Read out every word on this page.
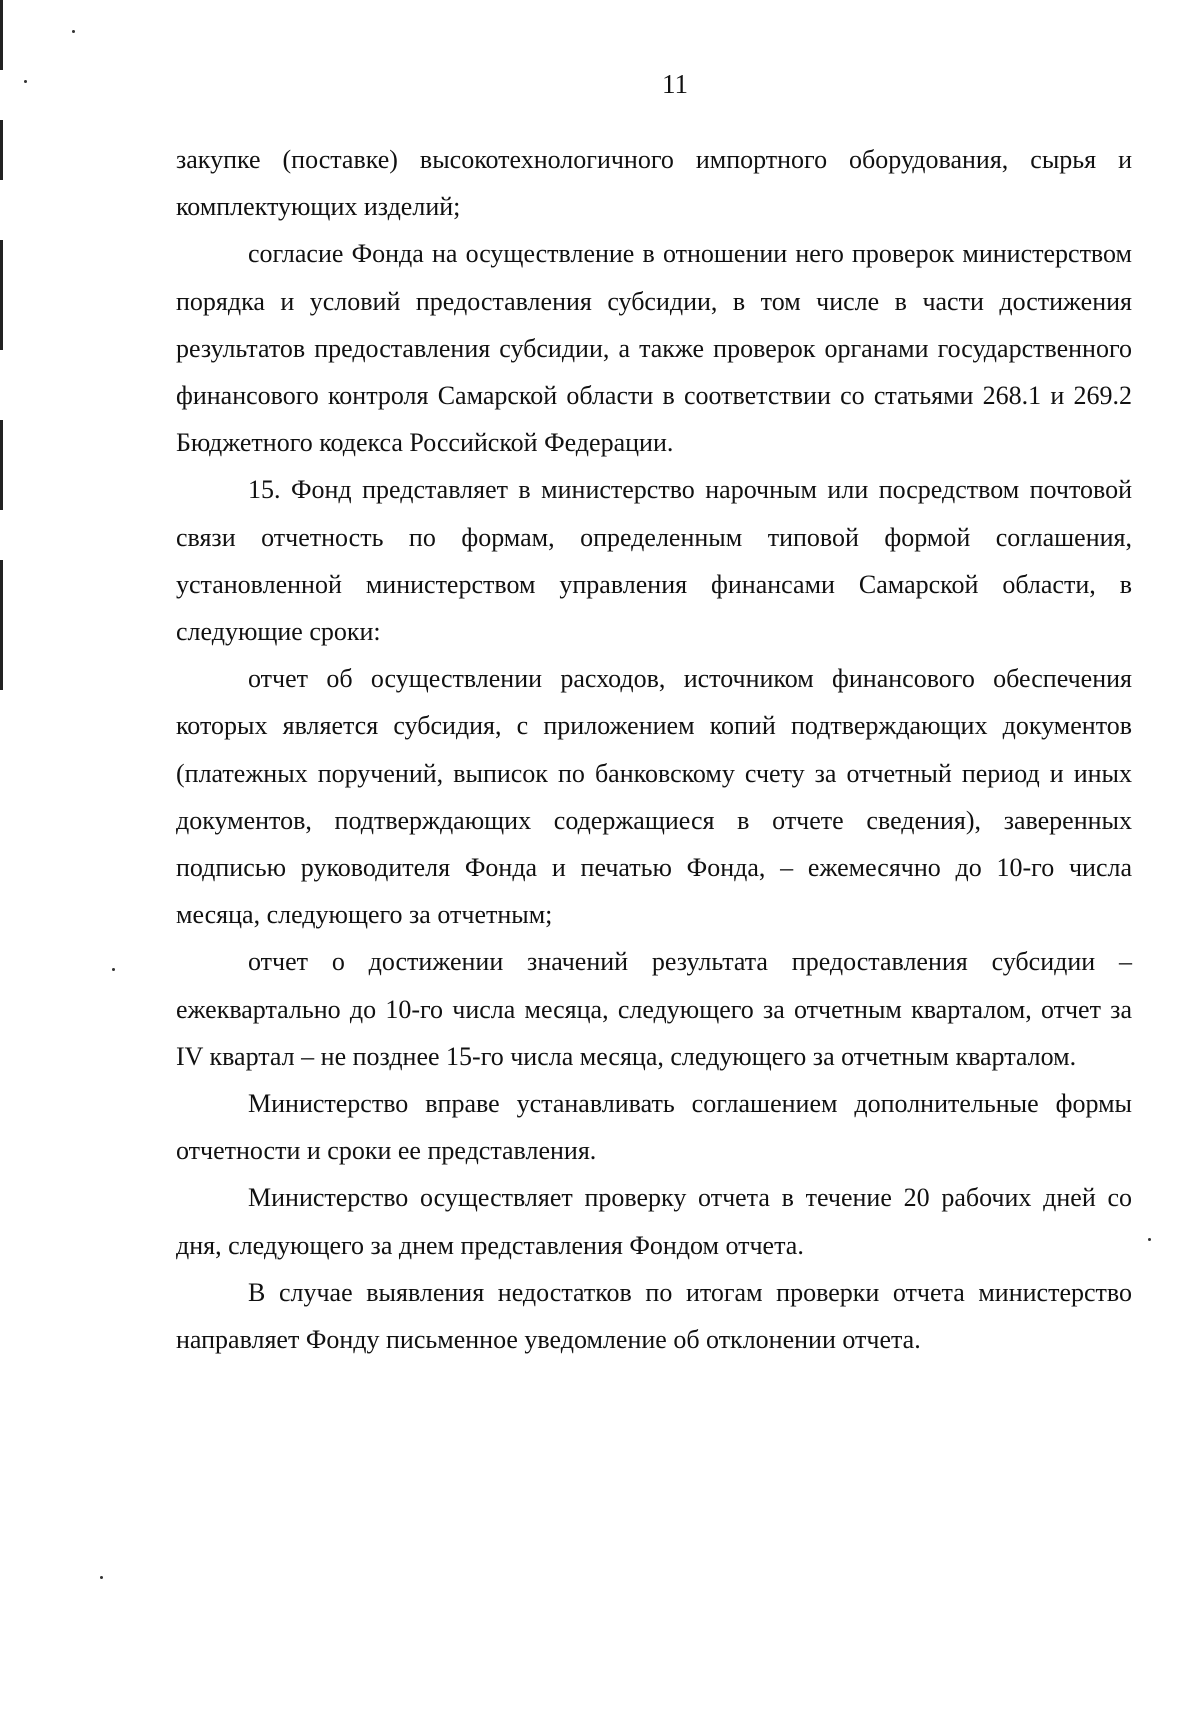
11

закупке (поставке) высокотехнологичного импортного оборудования, сырья и комплектующих изделий;

согласие Фонда на осуществление в отношении него проверок министерством порядка и условий предоставления субсидии, в том числе в части достижения результатов предоставления субсидии, а также проверок органами государственного финансового контроля Самарской области в соответствии со статьями 268.1 и 269.2 Бюджетного кодекса Российской Федерации.

15. Фонд представляет в министерство нарочным или посредством почтовой связи отчетность по формам, определенным типовой формой соглашения, установленной министерством управления финансами Самарской области, в следующие сроки:

отчет об осуществлении расходов, источником финансового обеспечения которых является субсидия, с приложением копий подтверждающих документов (платежных поручений, выписок по банковскому счету за отчетный период и иных документов, подтверждающих содержащиеся в отчете сведения), заверенных подписью руководителя Фонда и печатью Фонда, – ежемесячно до 10-го числа месяца, следующего за отчетным;

отчет о достижении значений результата предоставления субсидии – ежеквартально до 10-го числа месяца, следующего за отчетным кварталом, отчет за IV квартал – не позднее 15-го числа месяца, следующего за отчетным кварталом.

Министерство вправе устанавливать соглашением дополнительные формы отчетности и сроки ее представления.

Министерство осуществляет проверку отчета в течение 20 рабочих дней со дня, следующего за днем представления Фондом отчета.

В случае выявления недостатков по итогам проверки отчета министерство направляет Фонду письменное уведомление об отклонении отчета.
